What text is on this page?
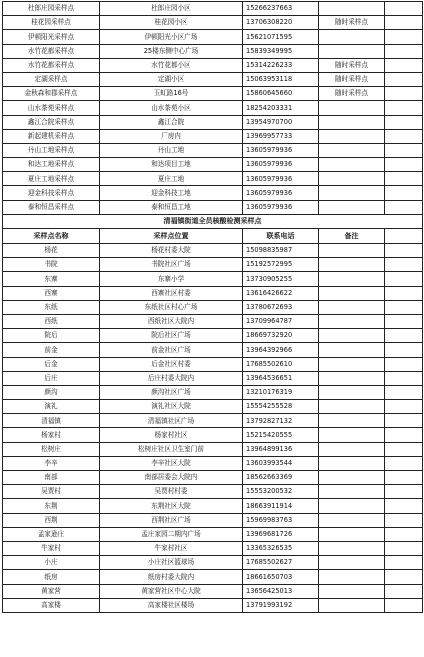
杜郎庄园采样点	杜郎庄园小区	15266237663		
桂花园采样点	桂花园小区	13706308220	随时采样点	
伊顿阳光采样点	伊顿阳光小区广场	15621071595		
水竹花都采样点	25楼东侧中心广场	15839349995		
水竹花都采样点	水竹花都小区	15314226233	随时采样点	
定湖采样点	定湖小区	15063953118	随时采样点	
金秋森和郡采样点	玉虹路16号	15860645660	随时采样点	
山水茶苑采样点	山水茶苑小区	18254203331		
鑫江合院采样点	鑫江合院	13954970700		
新起建机采样点	厂房内	13969957733		
丹山工地采样点	丹山工地	13605979936		
和达工地采样点	和达项目工地	13605979936		
夏庄工地采样点	夏庄工地	13605979936		
迎金科技采样点	迎金科技工地	13605979936		
泰和恒昌采样点	泰和恒昌工地	13605979936		
清福镇街道全员核酸检测采样点				
采样点名称	采样点位置	联系电话	备注	
杨花	杨花村委大院	15098835987		
书院	书院社区广场	15192572995		
东寨	东寨小学	13730905255		
西寨	西寨社区村委	13616426622		
东纸	东纸社区村心广场	13780672693		
西纸	西纸社区大院内	13709964787		
院后	院后社区广场	18669732920		
前金	前金社区广场	13964392966		
后金	后金社区村委	17685502610		
后庄	后庄村委大院内	13964536651		
颜沟	颜沟社区广场	13210176319		
演礼	演礼社区大院	15554255528		
清福镇	清福镇社区广场	13792827132		
杨家村	杨家村社区	15215420555		
松树庄	松树庄社区卫生室门前	13964899136		
李辛	李辛社区大院	13603993544		
南部	南部居委会大院内	18562663369		
吴贾村	吴贾村村委	15553200532		
东荆	东荆社区大院	18663911914		
西荆	西荆社区广场	15969983763		
孟家逊庄	孟庄家园二期内广场	13969681726		
牛家村	牛家村社区	13365326535		
小庄	小庄社区篮球场	17685502627		
纸房	纸房村委大院内	18661650703		
黄家营	黄家营社区中心大院	13656425013		
高家楼	高家楼社区楼场	13791993192		
